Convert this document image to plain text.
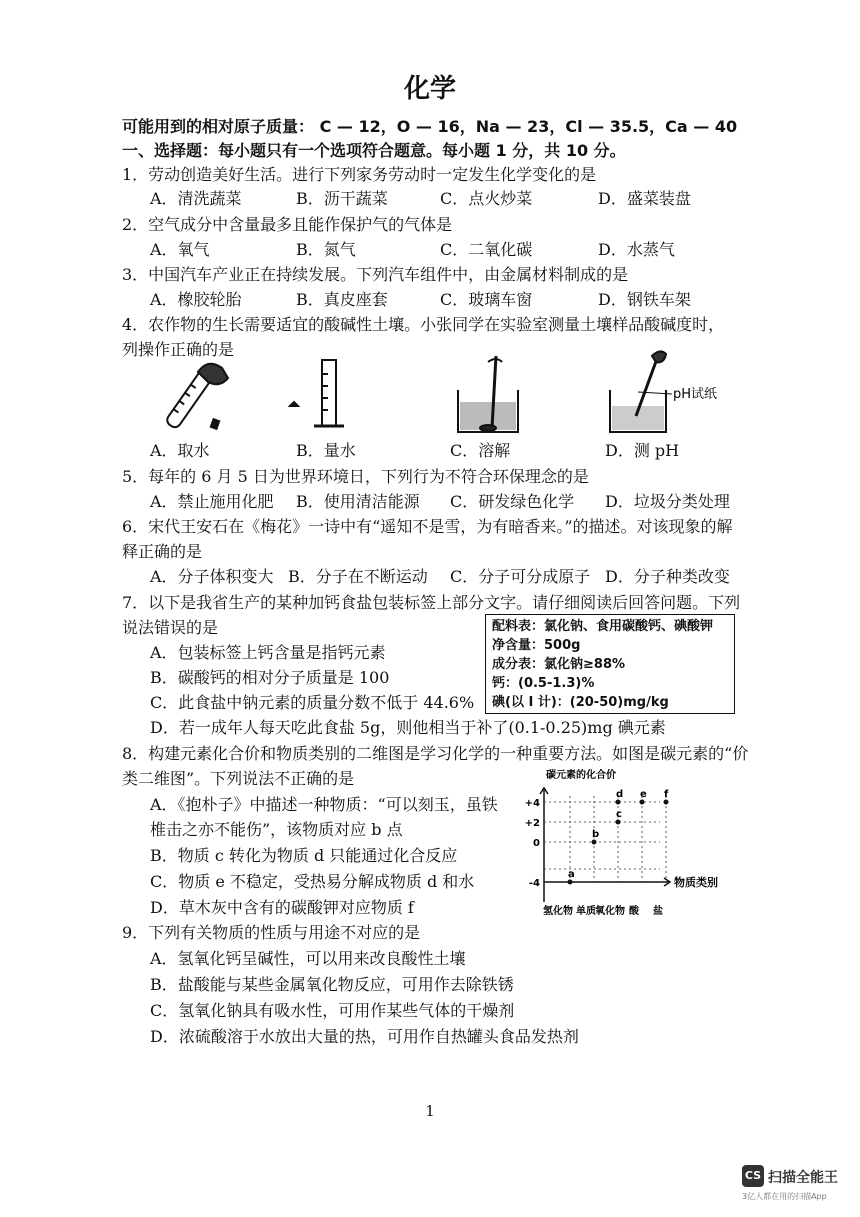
化学
可能用到的相对原子质量： C — 12，O — 16，Na — 23，Cl — 35.5，Ca — 40
一、选择题：每小题只有一个选项符合题意。每小题 1 分，共 10 分。
1．劳动创造美好生活。进行下列家务劳动时一定发生化学变化的是
A．清洗蔬菜	B．沥干蔬菜	C．点火炒菜	D．盛菜装盘
2．空气成分中含量最多且能作保护气的气体是
A．氧气	B．氮气	C．二氧化碳	D．水蒸气
3．中国汽车产业正在持续发展。下列汽车组件中，由金属材料制成的是
A．橡胶轮胎	B．真皮座套	C．玻璃车窗	D．钢铁车架
4．农作物的生长需要适宜的酸碱性土壤。小张同学在实验室测量土壤样品酸碱度时，
列操作正确的是
pH试纸
A．取水	B．量水	C．溶解	D．测 pH
5．每年的 6 月 5 日为世界环境日，下列行为不符合环保理念的是
A．禁止施用化肥 B．使用清洁能源 C．研发绿色化学 D．垃圾分类处理
6．宋代王安石在《梅花》一诗中有“遥知不是雪，为有暗香来。”的描述。对该现象的解
释正确的是
A．分子体积变大 B．分子在不断运动 C．分子可分成原子 D．分子种类改变
7．以下是我省生产的某种加钙食盐包装标签上部分文字。请仔细阅读后回答问题。下列
说法错误的是
A．包装标签上钙含量是指钙元素
B．碳酸钙的相对分子质量是 100
C．此食盐中钠元素的质量分数不低于 44.6%
D．若一成年人每天吃此食盐 5g，则他相当于补了(0.1-0.25)mg 碘元素
配料表：氯化钠、食用碳酸钙、碘酸钾
净含量：500g
成分表：氯化钠≥88%
钙：(0.5-1.3)%
碘(以 I 计)：(20-50)mg/kg
8．构建元素化合价和物质类别的二维图是学习化学的一种重要方法。如图是碳元素的“价
类二维图”。下列说法不正确的是
A．《抱朴子》中描述一种物质：“可以刻玉，虽铁
椎击之亦不能伤”，该物质对应 b 点
B．物质 c 转化为物质 d 只能通过化合反应
C．物质 e 不稳定，受热易分解成物质 d 和水
D．草木灰中含有的碳酸钾对应物质 f
碳元素的化合价
物质类别
+4
+2
0
-4
氢化物 单质 氧化物 酸 盐
a
b
c
d e f
9．下列有关物质的性质与用途不对应的是
A．氢氧化钙呈碱性，可以用来改良酸性土壤
B．盐酸能与某些金属氧化物反应，可用作去除铁锈
C．氢氧化钠具有吸水性，可用作某些气体的干燥剂
D．浓硫酸溶于水放出大量的热，可用作自热罐头食品发热剂
1
CS 扫描全能王
3亿人都在用的扫描App
